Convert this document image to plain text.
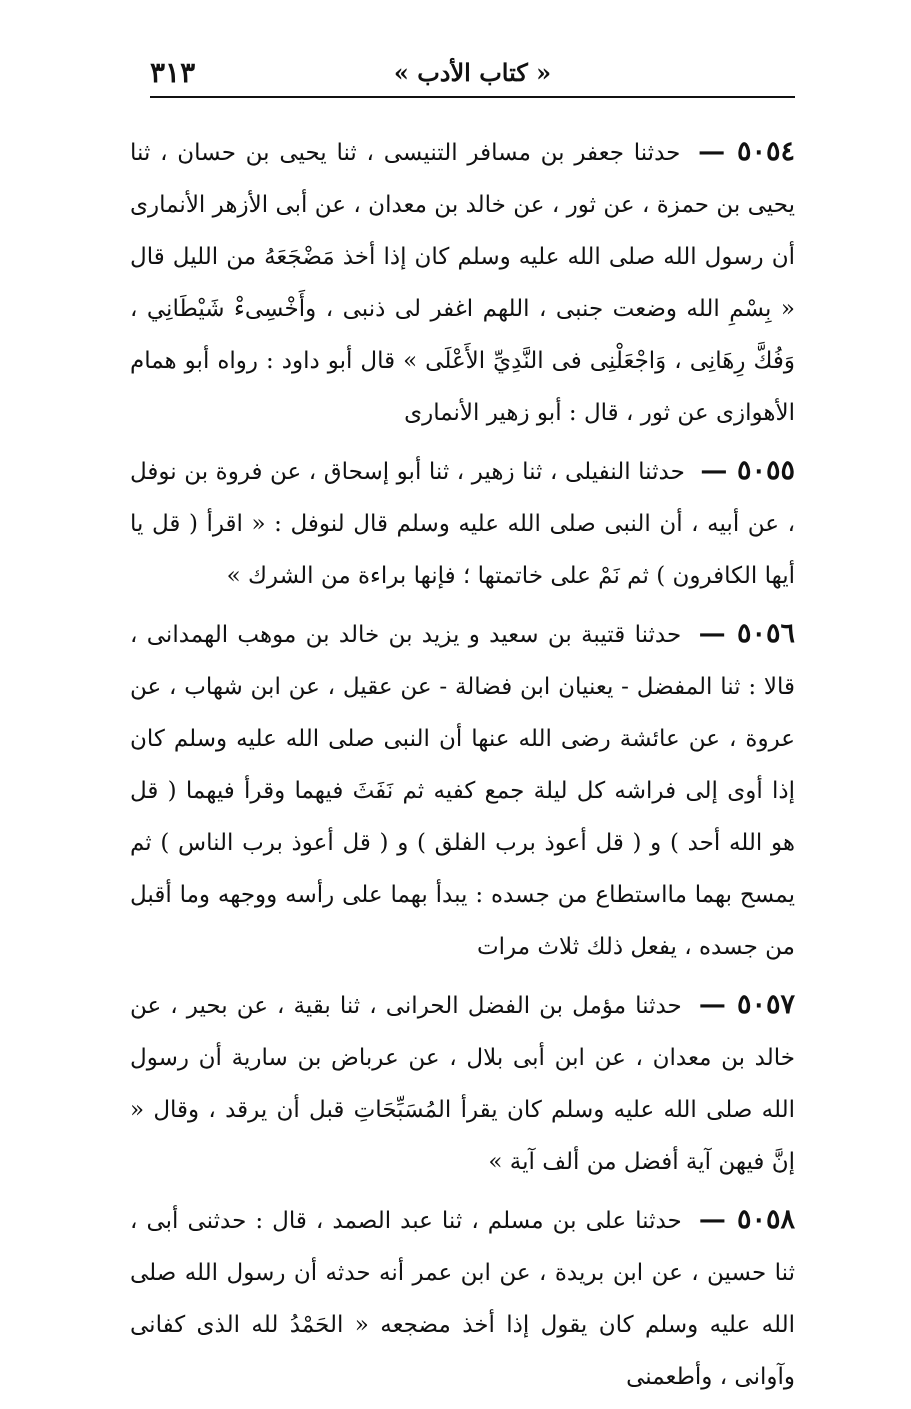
٣١٣	« كتاب الأدب »

٥٠٥٤ — حدثنا جعفر بن مسافر التنيسى ، ثنا يحيى بن حسان ، ثنا يحيى بن حمزة ، عن ثور ، عن خالد بن معدان ، عن أبى الأزهر الأنمارى أن رسول الله صلى الله عليه وسلم كان إذا أخذ مَضْجَعَهُ من الليل قال « بِسْمِ الله وضعت جنبى ، اللهم اغفر لى ذنبى ، وأَخْسِىءْ شَيْطَانِي ، وَفُكَّ رِهَانِى ، وَاجْعَلْنِى فى النَّدِيِّ الأَعْلَى » قال أبو داود : رواه أبو همام الأهوازى عن ثور ، قال : أبو زهير الأنمارى

٥٠٥٥ — حدثنا النفيلى ، ثنا زهير ، ثنا أبو إسحاق ، عن فروة بن نوفل ، عن أبيه ، أن النبى صلى الله عليه وسلم قال لنوفل : « اقرأ ( قل يا أيها الكافرون ) ثم نَمْ على خاتمتها ؛ فإنها براءة من الشرك »

٥٠٥٦ — حدثنا قتيبة بن سعيد و يزيد بن خالد بن موهب الهمدانى ، قالا : ثنا المفضل - يعنيان ابن فضالة - عن عقيل ، عن ابن شهاب ، عن عروة ، عن عائشة رضى الله عنها أن النبى صلى الله عليه وسلم كان إذا أوى إلى فراشه كل ليلة جمع كفيه ثم نَفَثَ فيهما وقرأ فيهما ( قل هو الله أحد ) و ( قل أعوذ برب الفلق ) و ( قل أعوذ برب الناس ) ثم يمسح بهما مااستطاع من جسده : يبدأ بهما على رأسه ووجهه وما أقبل من جسده ، يفعل ذلك ثلاث مرات

٥٠٥٧ — حدثنا مؤمل بن الفضل الحرانى ، ثنا بقية ، عن بحير ، عن خالد بن معدان ، عن ابن أبى بلال ، عن عرباض بن سارية أن رسول الله صلى الله عليه وسلم كان يقرأ المُسَبِّحَاتِ قبل أن يرقد ، وقال « إنَّ فيهن آية أفضل من ألف آية »

٥٠٥٨ — حدثنا على بن مسلم ، ثنا عبد الصمد ، قال : حدثنى أبى ، ثنا حسين ، عن ابن بريدة ، عن ابن عمر أنه حدثه أن رسول الله صلى الله عليه وسلم كان يقول إذا أخذ مضجعه « الحَمْدُ لله الذى كفانى وآوانى ، وأطعمنى
